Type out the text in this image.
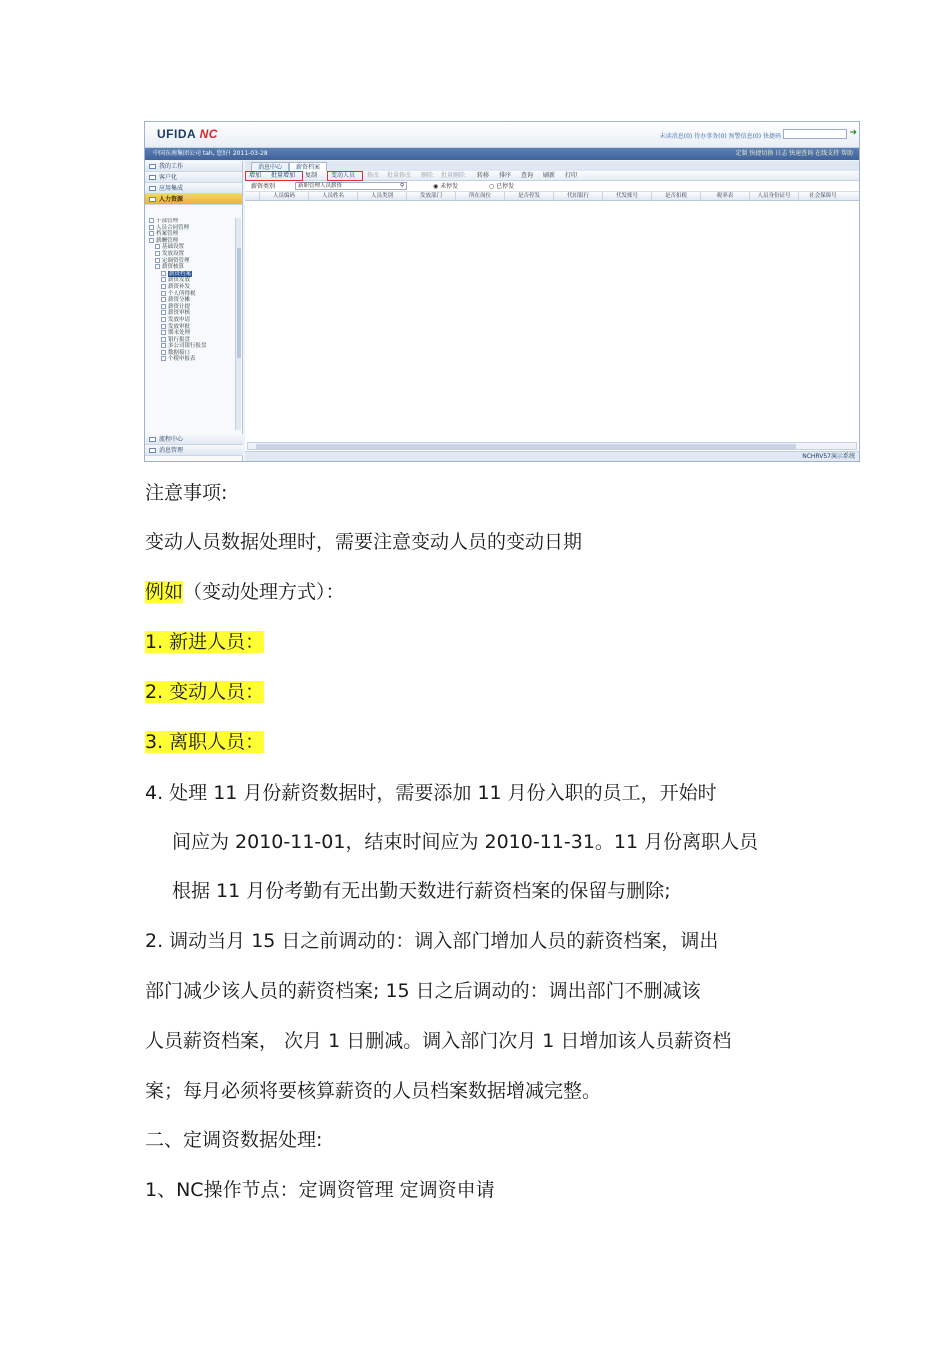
UFIDA NC	未读消息(0) 待办事务(0) 预警信息(0) 快捷码	➜
中国东南集团公司 tah, 您好! 2011-03-28	定制 快捷切换 日志 快速查询 在线支持 帮助
我的工作
客户化
应用集成
人力资源
干部管理
人员合同管理
档案管理
薪酬管理
基础设置
发放设置
定调资管理
薪资核算
薪资档案
薪资发放
薪资补发
个人所得税
薪资分摊
薪资计提
薪资审核
发放申请
发放审批
期末处理
银行报盘
多公司银行报盘
数据接口
个税申报表
流程中心
消息管理
消息中心	薪资档案
增加 批量增加 复制 变动人员 修改 批量修改 删除 批量删除 转移 排序 查询 刷新 打印
薪资类别	新职管理人员薪资	⚲	◉ 未停发	○ 已停发
人员编码	人员姓名	人员类别	发放部门	所在岗位	是否停发	代扣银行	代发账号	是否扣税	税率表	人员身份证号	社会保障号
NCHRV57演示系统
注意事项:
变动人员数据处理时，需要注意变动人员的变动日期
例如（变动处理方式）：
1. 新进人员：
2. 变动人员：
3. 离职人员：
4. 处理 11 月份薪资数据时，需要添加 11 月份入职的员工，开始时
间应为 2010-11-01，结束时间应为 2010-11-31。11 月份离职人员
根据 11 月份考勤有无出勤天数进行薪资档案的保留与删除;
2. 调动当月 15 日之前调动的：调入部门增加人员的薪资档案，调出
部门减少该人员的薪资档案; 15 日之后调动的：调出部门不删减该
人员薪资档案， 次月 1 日删减。调入部门次月 1 日增加该人员薪资档
案；每月必须将要核算薪资的人员档案数据增减完整。
二、定调资数据处理:
1、NC操作节点：定调资管理 定调资申请
